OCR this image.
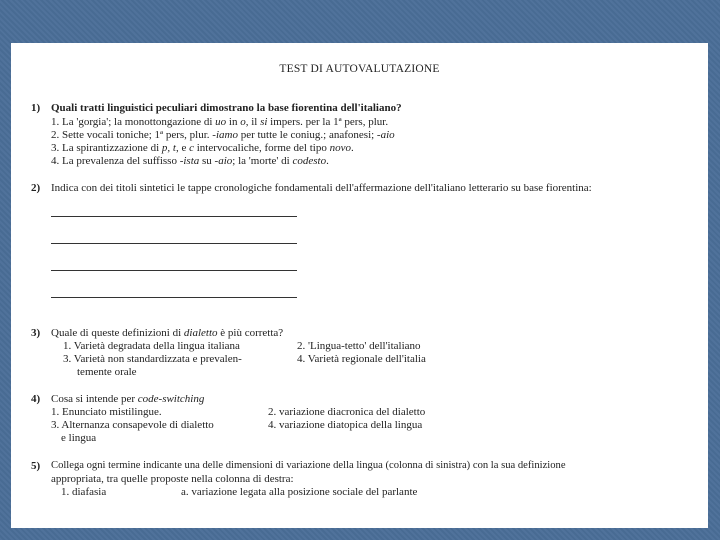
TEST DI AUTOVALUTAZIONE
1) Quali tratti linguistici peculiari dimostrano la base fiorentina dell'italiano?
1. La 'gorgia'; la monottongazione di uo in o, il si impers. per la 1ª pers, plur.
2. Sette vocali toniche; 1ª pers, plur. -iamo per tutte le coniug.; anafonesi; -aio
3. La spirantizzazione di p, t, e c intervocaliche, forme del tipo novo.
4. La prevalenza del suffisso -ista su -aio; la 'morte' di codesto.
2) Indica con dei titoli sintetici le tappe cronologiche fondamentali dell'affermazione dell'italiano letterario su base fiorentina:
3) Quale di queste definizioni di dialetto è più corretta?
1. Varietà degradata della lingua italiana	2. 'Lingua-tetto' dell'italiano
3. Varietà non standardizzata e prevalen-	4. Varietà regionale dell'italia
temente orale
4) Cosa si intende per code-switching
1. Enunciato mistilingue.	2. variazione diacronica del dialetto
3. Alternanza consapevole di dialetto	4. variazione diatopica della lingua
e lingua
5) Collega ogni termine indicante una delle dimensioni di variazione della lingua (colonna di sinistra) con la sua definizione
appropriata, tra quelle proposte nella colonna di destra:
1. diafasia	a. variazione legata alla posizione sociale del parlante
